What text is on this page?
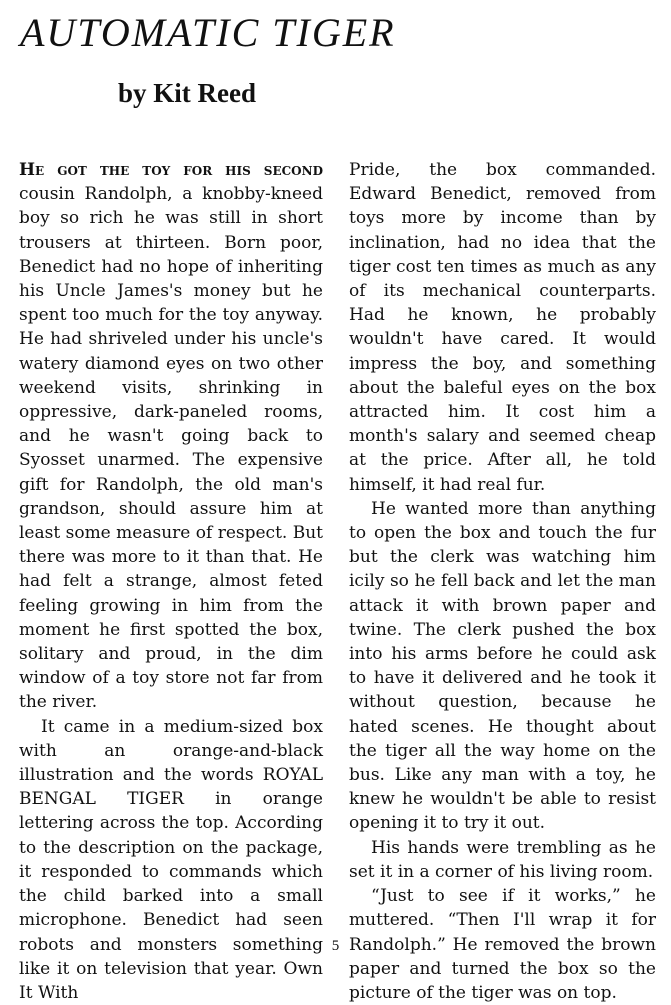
AUTOMATIC TIGER
by Kit Reed

He got the toy for his second cousin Randolph, a knobby-kneed boy so rich he was still in short trousers at thirteen. Born poor, Benedict had no hope of inheriting his Uncle James's money but he spent too much for the toy anyway. He had shriveled under his uncle's watery diamond eyes on two other weekend visits, shrinking in oppressive, dark-paneled rooms, and he wasn't going back to Syosset unarmed. The expensive gift for Randolph, the old man's grandson, should assure him at least some measure of respect. But there was more to it than that. He had felt a strange, almost feted feeling growing in him from the moment he first spotted the box, solitary and proud, in the dim window of a toy store not far from the river.

It came in a medium-sized box with an orange-and-black illustration and the words ROYAL BENGAL TIGER in orange lettering across the top. According to the description on the package, it responded to commands which the child barked into a small microphone. Benedict had seen robots and monsters something like it on television that year. Own It With

Pride, the box commanded. Edward Benedict, removed from toys more by income than by inclination, had no idea that the tiger cost ten times as much as any of its mechanical counterparts. Had he known, he probably wouldn't have cared. It would impress the boy, and something about the baleful eyes on the box attracted him. It cost him a month's salary and seemed cheap at the price. After all, he told himself, it had real fur.

He wanted more than anything to open the box and touch the fur but the clerk was watching him icily so he fell back and let the man attack it with brown paper and twine. The clerk pushed the box into his arms before he could ask to have it delivered and he took it without question, because he hated scenes. He thought about the tiger all the way home on the bus. Like any man with a toy, he knew he wouldn't be able to resist opening it to try it out.

His hands were trembling as he set it in a corner of his living room.

“Just to see if it works,” he muttered. “Then I'll wrap it for Randolph.” He removed the brown paper and turned the box so the picture of the tiger was on top.

5
